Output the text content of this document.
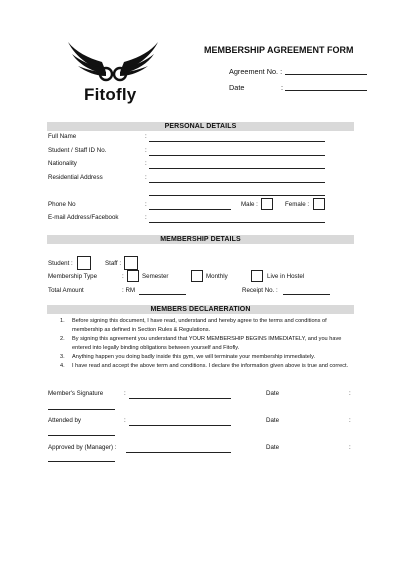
Fitofly
MEMBERSHIP AGREEMENT FORM
Agreement No. :
Date	:
PERSONAL DETAILS
Full Name	:
Student / Staff ID No.	:
Nationality	:
Residential Address	:
Phone No	:	Male :	Female :
E-mail Address/Facebook	:
MEMBERSHIP DETAILS
Student :	Staff :
Membership Type	:	Semester	Monthly	Live in Hostel
Total Amount	: RM	Receipt No. :
MEMBERS DECLARERATION
1.	Before signing this document, I have read, understand and hereby agree to the terms and conditions of membership as defined in Section Rules & Regulations.
2.	By signing this agreement you understand that YOUR MEMBERSHIP BEGINS IMMEDIATELY, and you have entered into legally binding obligations between yourself and Fitofly.
3.	Anything happen you doing badly inside this gym, we will terminate your membership immediately.
4.	I have read and accept the above term and conditions. I declare the information given above is true and correct.
Member's Signature	:	Date	:
Attended by	:	Date	:
Approved by (Manager) :	Date	:
